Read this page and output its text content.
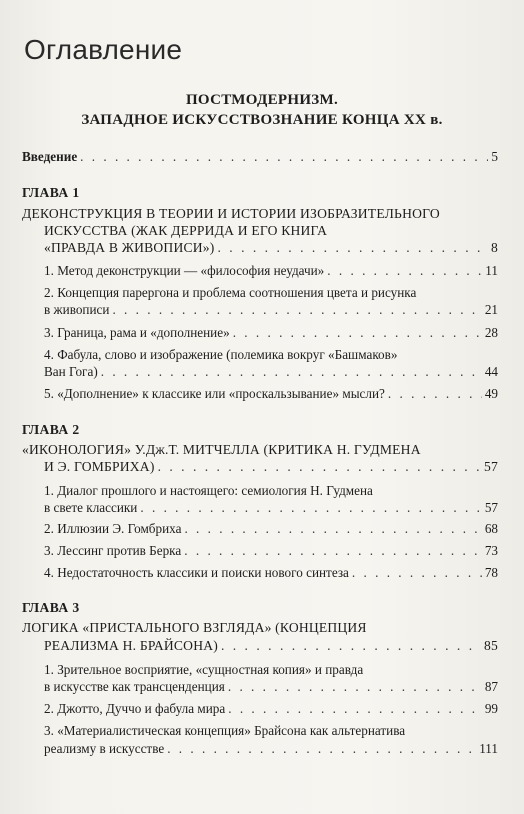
Оглавление
ПОСТМОДЕРНИЗМ.
ЗАПАДНОЕ ИСКУССТВОЗНАНИЕ КОНЦА XX в.
Введение . . .	5
ГЛАВА 1
ДЕКОНСТРУКЦИЯ В ТЕОРИИ И ИСТОРИИ ИЗОБРАЗИТЕЛЬНОГО
ИСКУССТВА (ЖАК ДЕРРИДА И ЕГО КНИГА
«ПРАВДА В ЖИВОПИСИ») . . .	8
1. Метод деконструкции — «философия неудачи» . . .	11
2. Концепция парергона и проблема соотношения цвета и рисунка
в живописи . . .	21
3. Граница, рама и «дополнение» . . .	28
4. Фабула, слово и изображение (полемика вокруг «Башмаков»
Ван Гога) . . .	44
5. «Дополнение» к классике или «проскальзывание» мысли? . . .	49
ГЛАВА 2
«ИКОНОЛОГИЯ» У.Дж.Т. МИТЧЕЛЛА (КРИТИКА Н. ГУДМЕНА
И Э. ГОМБРИХА) . . .	57
1. Диалог прошлого и настоящего: семиология Н. Гудмена
в свете классики . . .	57
2. Иллюзии Э. Гомбриха . . .	68
3. Лессинг против Берка . . .	73
4. Недостаточность классики и поиски нового синтеза . . .	78
ГЛАВА 3
ЛОГИКА «ПРИСТАЛЬНОГО ВЗГЛЯДА» (КОНЦЕПЦИЯ
РЕАЛИЗМА Н. БРАЙСОНА) . . .	85
1. Зрительное восприятие, «сущностная копия» и правда
в искусстве как трансценденция . . .	87
2. Джотто, Дуччо и фабула мира . . .	99
3. «Материалистическая концепция» Брайсона как альтернатива
реализму в искусстве . . .	111
